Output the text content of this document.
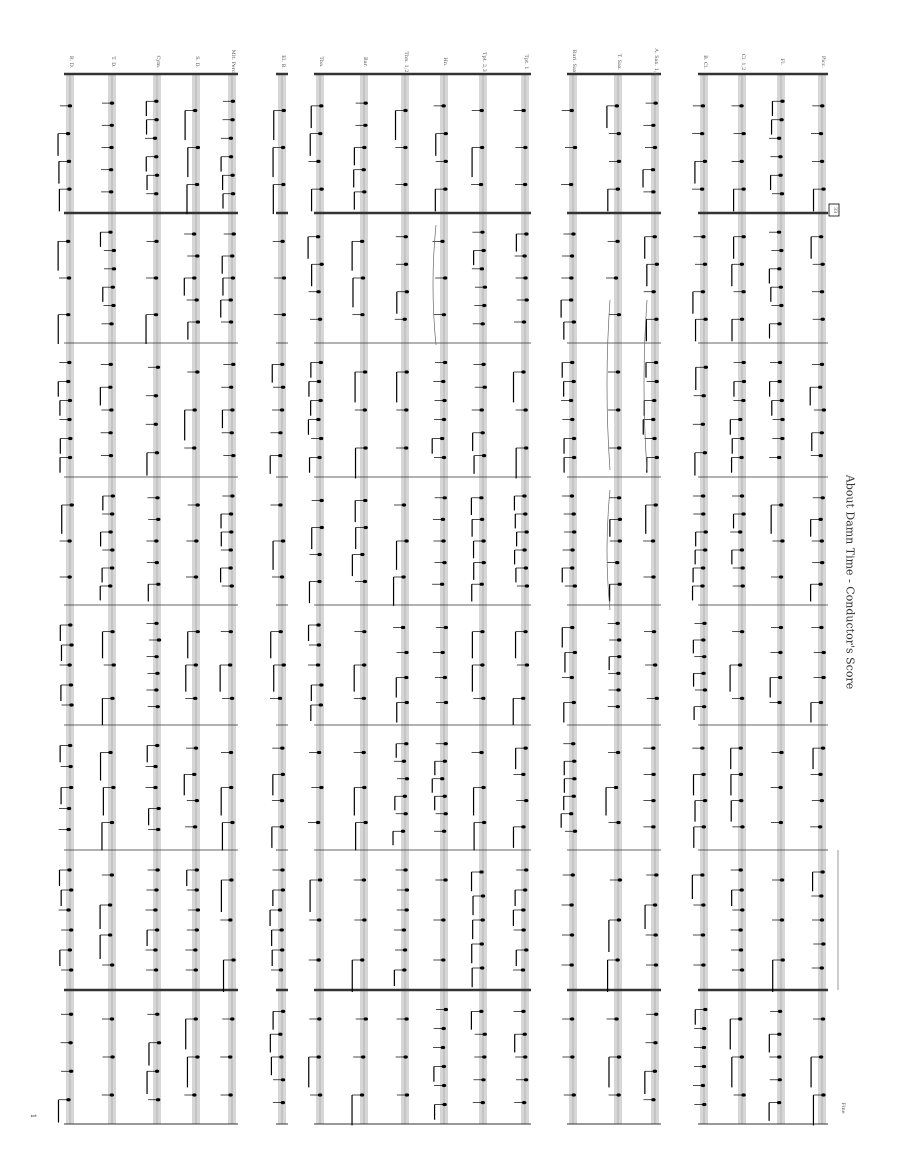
Picc.
Fl.
Cl. 1,2
B. Cl.
A. Sax. 1,2
T. Sax.
Bari. Sax.
Tpt. 1
Tpt. 2,3
Hn.
Tbn. 1,2
Bar.
Tba.
El. B.
Mlt. Perc.
S. D.
Cym.
T. D.
B. D.
33
Fine
About Damn Time - Conductor's Score
1
